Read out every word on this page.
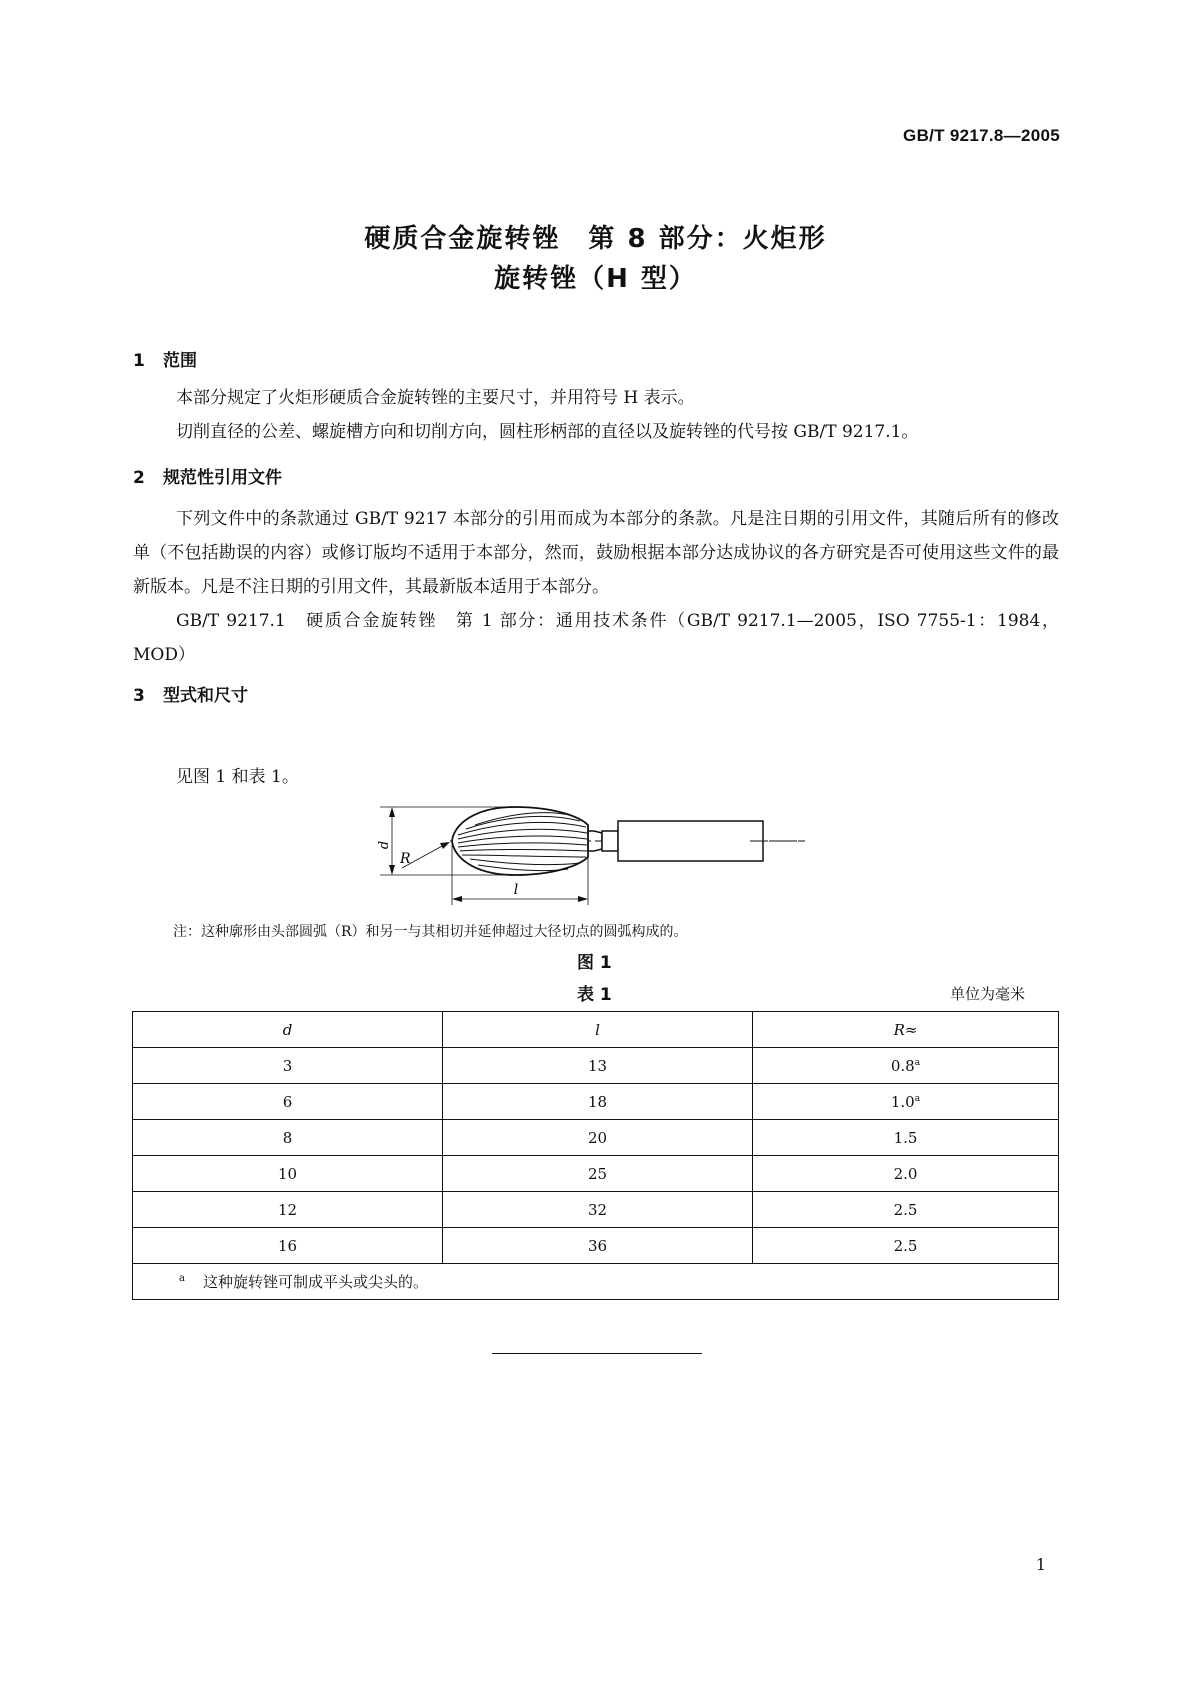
GB/T 9217.8—2005
硬质合金旋转锉　第 8 部分：火炬形
旋转锉（H 型）
1 范围
本部分规定了火炬形硬质合金旋转锉的主要尺寸，并用符号 H 表示。
切削直径的公差、螺旋槽方向和切削方向，圆柱形柄部的直径以及旋转锉的代号按 GB/T 9217.1。
2 规范性引用文件
下列文件中的条款通过 GB/T 9217 本部分的引用而成为本部分的条款。凡是注日期的引用文件，其随后所有的修改单（不包括勘误的内容）或修订版均不适用于本部分，然而，鼓励根据本部分达成协议的各方研究是否可使用这些文件的最新版本。凡是不注日期的引用文件，其最新版本适用于本部分。
GB/T 9217.1　硬质合金旋转锉　第 1 部分：通用技术条件（GB/T 9217.1—2005，ISO 7755-1：1984，MOD）
3 型式和尺寸
见图 1 和表 1。
d
R
l
注：这种廓形由头部圆弧（R）和另一与其相切并延伸超过大径切点的圆弧构成的。
图 1
表 1	单位为毫米
d	l	R≈
3	13	0.8$^a$
6	18	1.0$^a$
8	20	1.5
10	25	2.0
12	32	2.5
16	36	2.5
$^a$ 这种旋转锉可制成平头或尖头的。		
1
